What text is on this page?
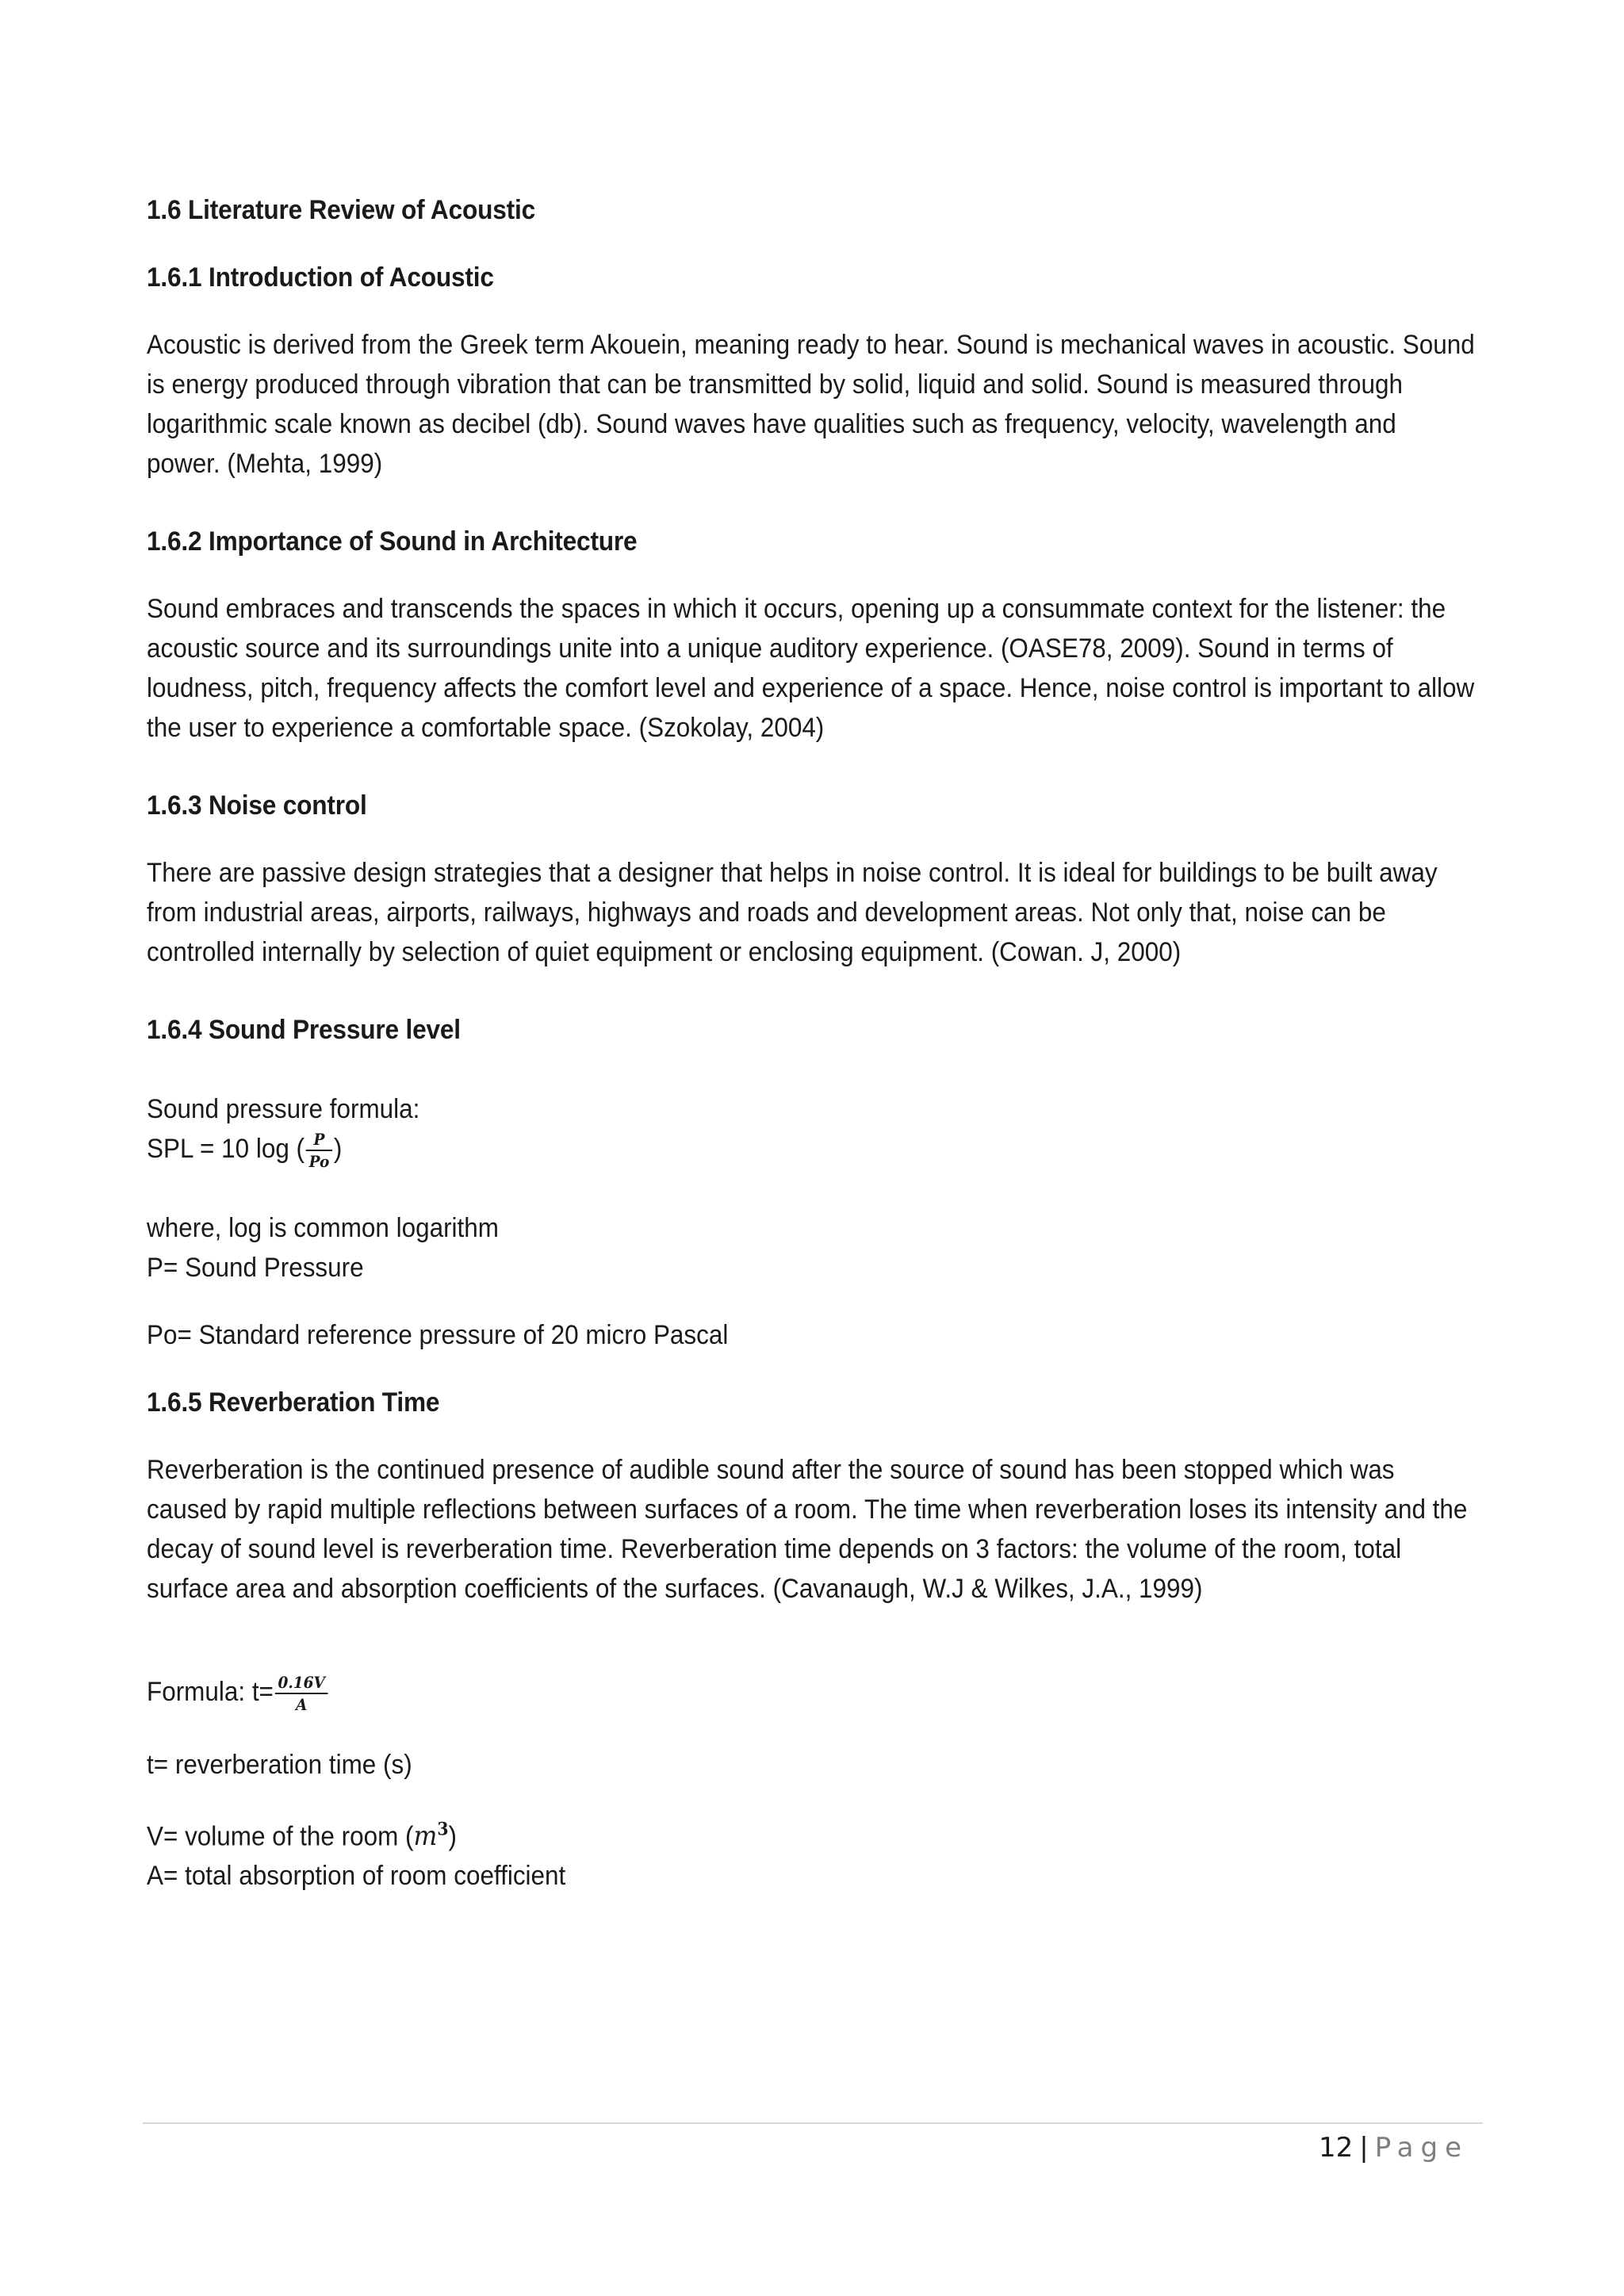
1.6 Literature Review of Acoustic
1.6.1 Introduction of Acoustic

Acoustic is derived from the Greek term Akouein, meaning ready to hear. Sound is mechanical waves in acoustic. Sound is energy produced through vibration that can be transmitted by solid, liquid and solid. Sound is measured through logarithmic scale known as decibel (db). Sound waves have qualities such as frequency, velocity, wavelength and power. (Mehta, 1999)

1.6.2 Importance of Sound in Architecture

Sound embraces and transcends the spaces in which it occurs, opening up a consummate context for the listener: the acoustic source and its surroundings unite into a unique auditory experience. (OASE78, 2009). Sound in terms of loudness, pitch, frequency affects the comfort level and experience of a space. Hence, noise control is important to allow the user to experience a comfortable space. (Szokolay, 2004)

1.6.3 Noise control

There are passive design strategies that a designer that helps in noise control. It is ideal for buildings to be built away from industrial areas, airports, railways, highways and roads and development areas. Not only that, noise can be controlled internally by selection of quiet equipment or enclosing equipment. (Cowan. J, 2000)

1.6.4 Sound Pressure level

Sound pressure formula:

SPL = 10 log ( $\frac{P}{Po}$ )

where, log is common logarithm

P= Sound Pressure

Po= Standard reference pressure of 20 micro Pascal

1.6.5 Reverberation Time

Reverberation is the continued presence of audible sound after the source of sound has been stopped which was caused by rapid multiple reflections between surfaces of a room. The time when reverberation loses its intensity and the decay of sound level is reverberation time. Reverberation time depends on 3 factors: the volume of the room, total surface area and absorption coefficients of the surfaces. (Cavanaugh, W.J & Wilkes, J.A., 1999)

Formula: $t= \frac{0.16V}{A}$

t= reverberation time (s)

V= volume of the room $(m^3)$

A= total absorption of room coefficient

12 | Page
